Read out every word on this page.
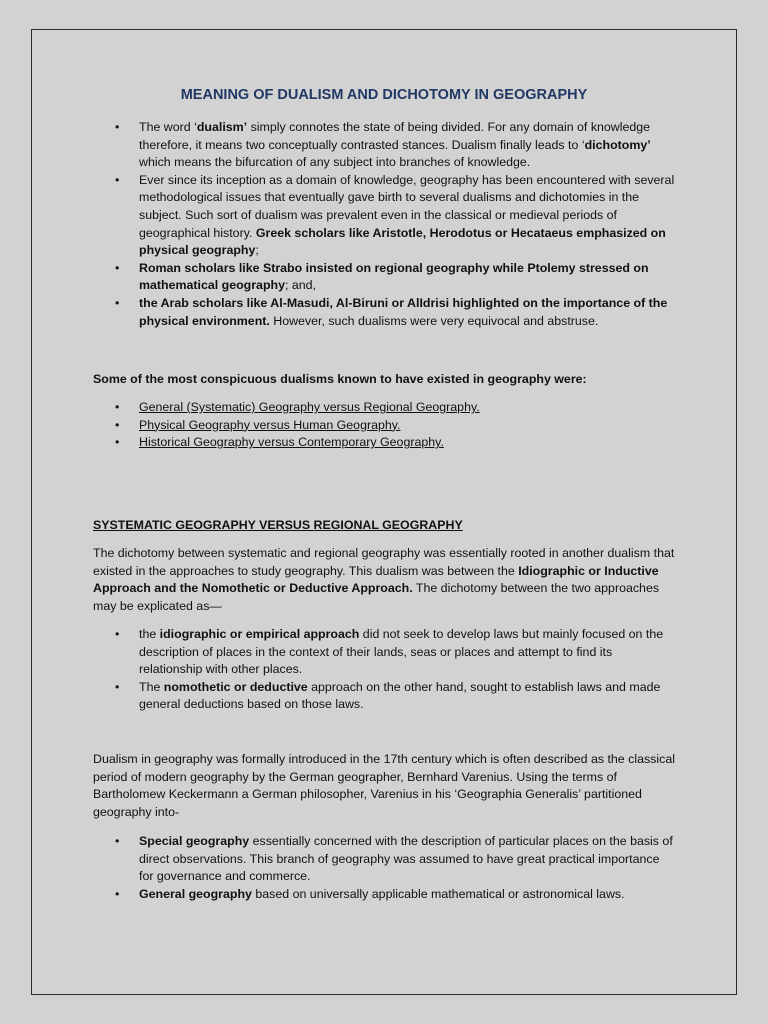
MEANING OF DUALISM AND DICHOTOMY IN GEOGRAPHY
• The word ‘dualism’ simply connotes the state of being divided. For any domain of knowledge therefore, it means two conceptually contrasted stances. Dualism finally leads to ‘dichotomy’ which means the bifurcation of any subject into branches of knowledge.
• Ever since its inception as a domain of knowledge, geography has been encountered with several methodological issues that eventually gave birth to several dualisms and dichotomies in the subject. Such sort of dualism was prevalent even in the classical or medieval periods of geographical history. Greek scholars like Aristotle, Herodotus or Hecataeus emphasized on physical geography;
• Roman scholars like Strabo insisted on regional geography while Ptolemy stressed on mathematical geography; and,
• the Arab scholars like Al-Masudi, Al-Biruni or AlIdrisi highlighted on the importance of the physical environment. However, such dualisms were very equivocal and abstruse.
Some of the most conspicuous dualisms known to have existed in geography were:
• General (Systematic) Geography versus Regional Geography.
• Physical Geography versus Human Geography.
• Historical Geography versus Contemporary Geography.
SYSTEMATIC GEOGRAPHY VERSUS REGIONAL GEOGRAPHY
The dichotomy between systematic and regional geography was essentially rooted in another dualism that existed in the approaches to study geography. This dualism was between the Idiographic or Inductive Approach and the Nomothetic or Deductive Approach. The dichotomy between the two approaches may be explicated as—
• the idiographic or empirical approach did not seek to develop laws but mainly focused on the description of places in the context of their lands, seas or places and attempt to find its relationship with other places.
• The nomothetic or deductive approach on the other hand, sought to establish laws and made general deductions based on those laws.
Dualism in geography was formally introduced in the 17th century which is often described as the classical period of modern geography by the German geographer, Bernhard Varenius. Using the terms of Bartholomew Keckermann a German philosopher, Varenius in his ‘Geographia Generalis’ partitioned geography into-
• Special geography essentially concerned with the description of particular places on the basis of direct observations. This branch of geography was assumed to have great practical importance for governance and commerce.
• General geography based on universally applicable mathematical or astronomical laws.
